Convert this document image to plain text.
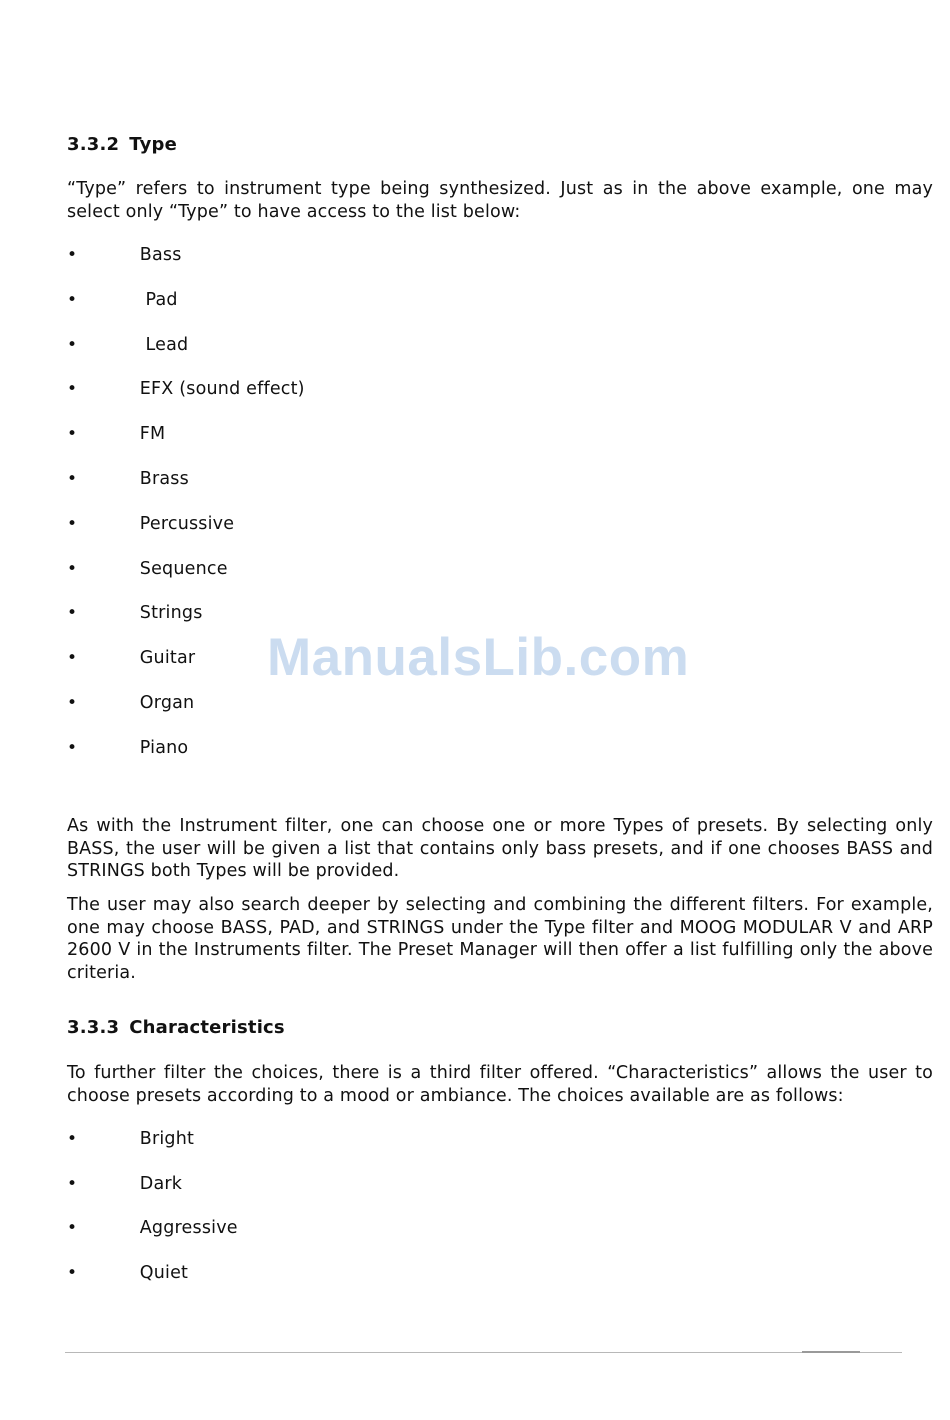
3.3.2 Type
“Type” refers to instrument type being synthesized. Just as in the above example, one may select only “Type” to have access to the list below:
•	Bass
•	Pad
•	Lead
•	EFX (sound effect)
•	FM
•	Brass
•	Percussive
•	Sequence
•	Strings
•	Guitar
•	Organ
•	Piano
As with the Instrument filter, one can choose one or more Types of presets. By selecting only BASS, the user will be given a list that contains only bass presets, and if one chooses BASS and STRINGS both Types will be provided.
The user may also search deeper by selecting and combining the different filters. For example, one may choose BASS, PAD, and STRINGS under the Type filter and MOOG MODULAR V and ARP 2600 V in the Instruments filter. The Preset Manager will then offer a list fulfilling only the above criteria.
3.3.3 Characteristics
To further filter the choices, there is a third filter offered. “Characteristics” allows the user to choose presets according to a mood or ambiance. The choices available are as follows:
•	Bright
•	Dark
•	Aggressive
•	Quiet
ManualsLib.com
